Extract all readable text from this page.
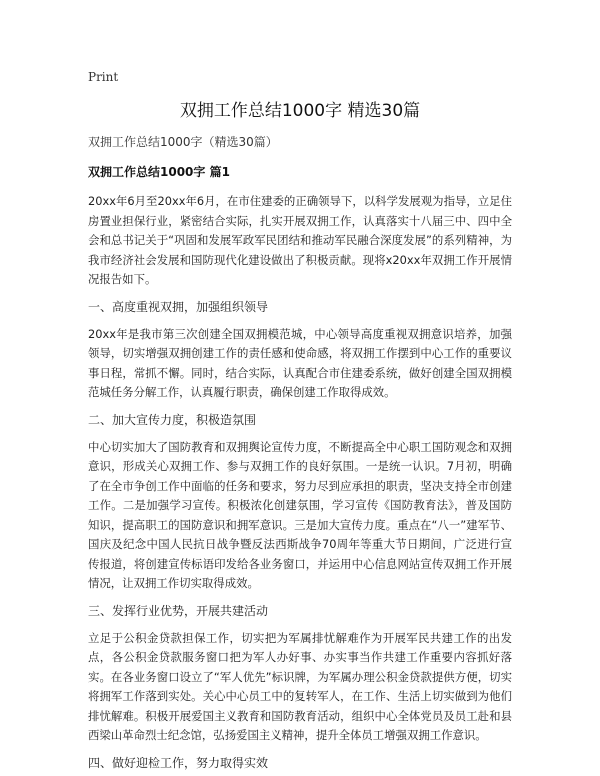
Print
双拥工作总结1000字 精选30篇
双拥工作总结1000字（精选30篇）
双拥工作总结1000字 篇1

20xx年6月至20xx年6月，在市住建委的正确领导下，以科学发展观为指导，立足住房置业担保行业，紧密结合实际，扎实开展双拥工作，认真落实十八届三中、四中全会和总书记关于“巩固和发展军政军民团结和推动军民融合深度发展”的系列精神，为我市经济社会发展和国防现代化建设做出了积极贡献。现将x20xx年双拥工作开展情况报告如下。

一、高度重视双拥，加强组织领导

20xx年是我市第三次创建全国双拥模范城，中心领导高度重视双拥意识培养，加强领导，切实增强双拥创建工作的责任感和使命感，将双拥工作摆到中心工作的重要议事日程，常抓不懈。同时，结合实际，认真配合市住建委系统，做好创建全国双拥模范城任务分解工作，认真履行职责，确保创建工作取得成效。

二、加大宣传力度，积极造氛围

中心切实加大了国防教育和双拥舆论宣传力度，不断提高全中心职工国防观念和双拥意识，形成关心双拥工作、参与双拥工作的良好氛围。一是统一认识。7月初，明确了在全市争创工作中面临的任务和要求，努力尽到应承担的职责，坚决支持全市创建工作。二是加强学习宣传。积极浓化创建氛围，学习宣传《国防教育法》，普及国防知识，提高职工的国防意识和拥军意识。三是加大宣传力度。重点在“八一”建军节、国庆及纪念中国人民抗日战争暨反法西斯战争70周年等重大节日期间，广泛进行宣传报道，将创建宣传标语印发给各业务窗口，并运用中心信息网站宣传双拥工作开展情况，让双拥工作切实取得成效。

三、发挥行业优势，开展共建活动

立足于公积金贷款担保工作，切实把为军属排忧解难作为开展军民共建工作的出发点，各公积金贷款服务窗口把为军人办好事、办实事当作共建工作重要内容抓好落实。在各业务窗口设立了“军人优先”标识牌，为军属办理公积金贷款提供方便，切实将拥军工作落到实处。关心中心员工中的复转军人，在工作、生活上切实做到为他们排忧解难。积极开展爱国主义教育和国防教育活动，组织中心全体党员及员工赴和县西梁山革命烈士纪念馆，弘扬爱国主义精神，提升全体员工增强双拥工作意识。

四、做好迎检工作，努力取得实效
